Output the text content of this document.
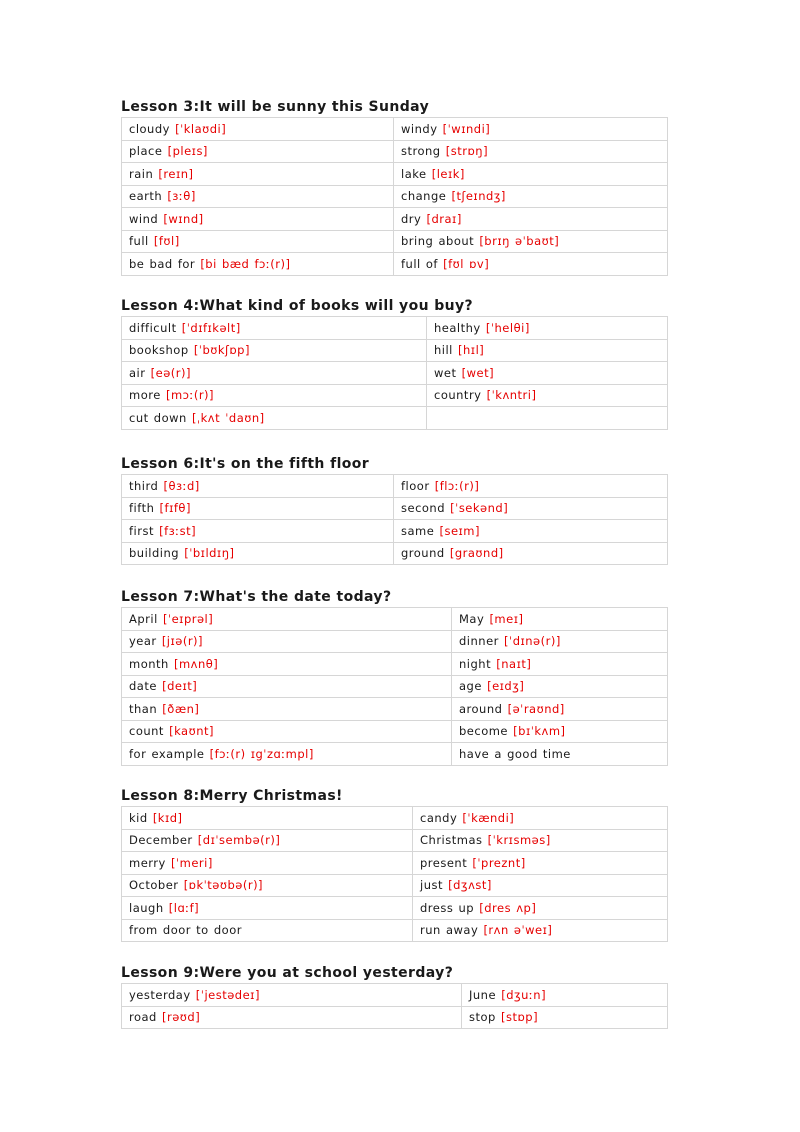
Lesson 3:It will be sunny this Sunday
cloudy [ˈklaʊdi]	windy [ˈwɪndi]
place [pleɪs]	strong [strɒŋ]
rain [reɪn]	lake [leɪk]
earth [ɜːθ]	change [tʃeɪndʒ]
wind [wɪnd]	dry [draɪ]
full [fʊl]	bring about [brɪŋ əˈbaʊt]
be bad for [bi bæd fɔː(r)]	full of [fʊl ɒv]
Lesson 4:What kind of books will you buy?
difficult [ˈdɪfɪkəlt]	healthy [ˈhelθi]
bookshop [ˈbʊkʃɒp]	hill [hɪl]
air [eə(r)]	wet [wet]
more [mɔː(r)]	country [ˈkʌntri]
cut down [ˌkʌt ˈdaʊn]	
Lesson 6:It's on the fifth floor
third [θɜːd]	floor [flɔː(r)]
fifth [fɪfθ]	second [ˈsekənd]
first [fɜːst]	same [seɪm]
building [ˈbɪldɪŋ]	ground [graʊnd]
Lesson 7:What's the date today?
April [ˈeɪprəl]	May [meɪ]
year [jɪə(r)]	dinner [ˈdɪnə(r)]
month [mʌnθ]	night [naɪt]
date [deɪt]	age [eɪdʒ]
than [ðæn]	around [əˈraʊnd]
count [kaʊnt]	become [bɪˈkʌm]
for example [fɔː(r) ɪgˈzɑːmpl]	have a good time
Lesson 8:Merry Christmas!
kid [kɪd]	candy [ˈkændi]
December [dɪˈsembə(r)]	Christmas [ˈkrɪsməs]
merry [ˈmeri]	present [ˈpreznt]
October [ɒkˈtəʊbə(r)]	just [dʒʌst]
laugh [lɑːf]	dress up [dres ʌp]
from door to door	run away [rʌn əˈweɪ]
Lesson 9:Were you at school yesterday?
yesterday [ˈjestədeɪ]	June [dʒuːn]
road [rəʊd]	stop [stɒp]
